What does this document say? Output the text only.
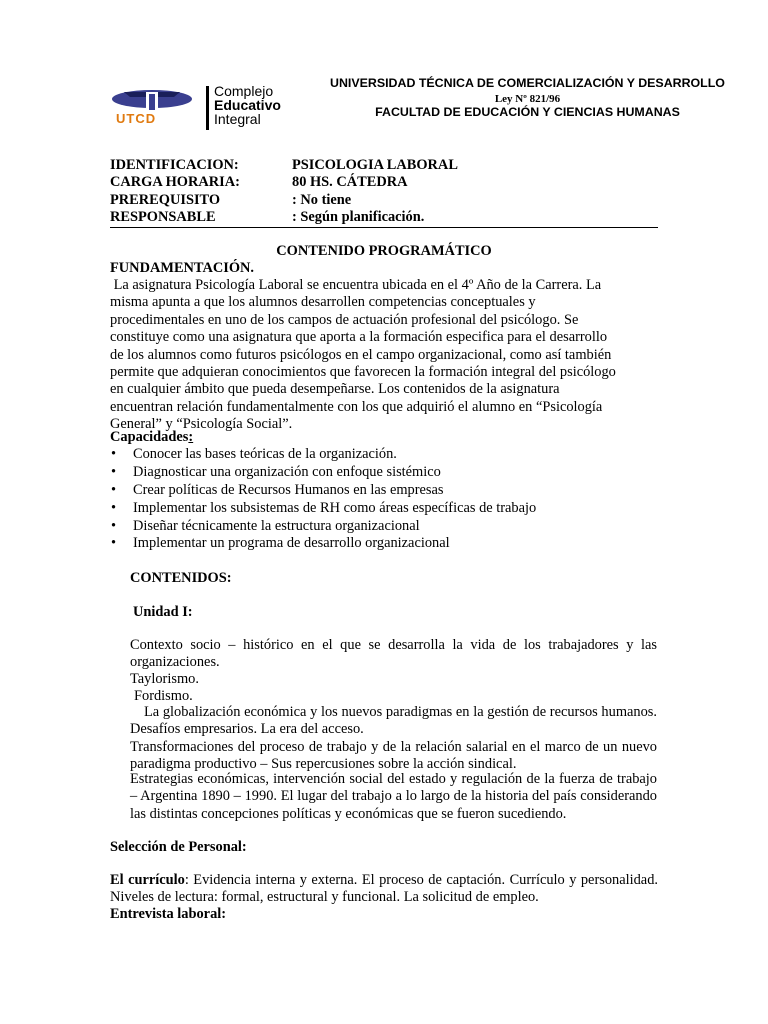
UTCD
Complejo
Educativo
Integral
UNIVERSIDAD TÉCNICA DE COMERCIALIZACIÓN Y DESARROLLO
Ley Nº 821/96
FACULTAD DE EDUCACIÓN Y CIENCIAS HUMANAS
IDENTIFICACION:	PSICOLOGIA LABORAL
CARGA HORARIA:	80 HS. CÁTEDRA
PREREQUISITO	: No tiene
RESPONSABLE	: Según planificación.
CONTENIDO PROGRAMÁTICO
FUNDAMENTACIÓN.
La asignatura Psicología Laboral se encuentra ubicada en el 4º Año de la Carrera. La
misma apunta a que los alumnos desarrollen competencias conceptuales y
procedimentales en uno de los campos de actuación profesional del psicólogo. Se
constituye como una asignatura que aporta a la formación especifica para el desarrollo
de los alumnos como futuros psicólogos en el campo organizacional, como así también
permite que adquieran conocimientos que favorecen la formación integral del psicólogo
en cualquier ámbito que pueda desempeñarse. Los contenidos de la asignatura
encuentran relación fundamentalmente con los que adquirió el alumno en “Psicología
General” y “Psicología Social”.
Capacidades:
• Conocer las bases teóricas de la organización.
• Diagnosticar una organización con enfoque sistémico
• Crear políticas de Recursos Humanos en las empresas
• Implementar los subsistemas de RH como áreas específicas de trabajo
• Diseñar técnicamente la estructura organizacional
• Implementar un programa de desarrollo organizacional
CONTENIDOS:
Unidad I:
Contexto socio – histórico en el que se desarrolla la vida de los trabajadores y las organizaciones.
Taylorismo.
Fordismo.
La globalización económica y los nuevos paradigmas en la gestión de recursos humanos. Desafíos empresarios. La era del acceso.
Transformaciones del proceso de trabajo y de la relación salarial en el marco de un nuevo paradigma productivo – Sus repercusiones sobre la acción sindical.
Estrategias económicas, intervención social del estado y regulación de la fuerza de trabajo – Argentina 1890 – 1990. El lugar del trabajo a lo largo de la historia del país considerando las distintas concepciones políticas y económicas que se fueron sucediendo.
Selección de Personal:
El currículo: Evidencia interna y externa. El proceso de captación. Currículo y personalidad. Niveles de lectura: formal, estructural y funcional. La solicitud de empleo.
Entrevista laboral:
